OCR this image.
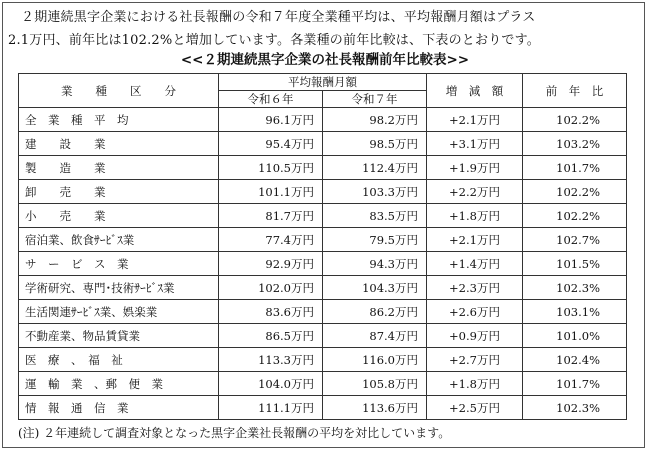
２期連続黒字企業における社長報酬の令和７年度全業種平均は、平均報酬月額はプラス
2.1万円、前年比は102.2%と増加しています。各業種の前年比較は、下表のとおりです。

<<２期連続黒字企業の社長報酬前年比較表>>
業　　種　　区　　分	平均報酬月額		増　減　額	前　年　比
	令和６年	令和７年		
全　業　種　平　均	96.1万円	98.2万円	+2.1万円	102.2%
建　　設　　業	95.4万円	98.5万円	+3.1万円	103.2%
製　　造　　業	110.5万円	112.4万円	+1.9万円	101.7%
卸　　売　　業	101.1万円	103.3万円	+2.2万円	102.2%
小　　売　　業	81.7万円	83.5万円	+1.8万円	102.2%
宿泊業、飲食ｻｰﾋﾞｽ業	77.4万円	79.5万円	+2.1万円	102.7%
サ　ー　ビ　ス　業	92.9万円	94.3万円	+1.4万円	101.5%
学術研究、専門･技術ｻｰﾋﾞｽ業	102.0万円	104.3万円	+2.3万円	102.3%
生活関連ｻｰﾋﾞｽ業、娯楽業	83.6万円	86.2万円	+2.6万円	103.1%
不動産業、物品賃貸業	86.5万円	87.4万円	+0.9万円	101.0%
医　療　、　福　祉	113.3万円	116.0万円	+2.7万円	102.4%
運　輸　業　、郵　便　業	104.0万円	105.8万円	+1.8万円	101.7%
情　報　通　信　業	111.1万円	113.6万円	+2.5万円	102.3%
(注) ２年連続して調査対象となった黒字企業社長報酬の平均を対比しています。
